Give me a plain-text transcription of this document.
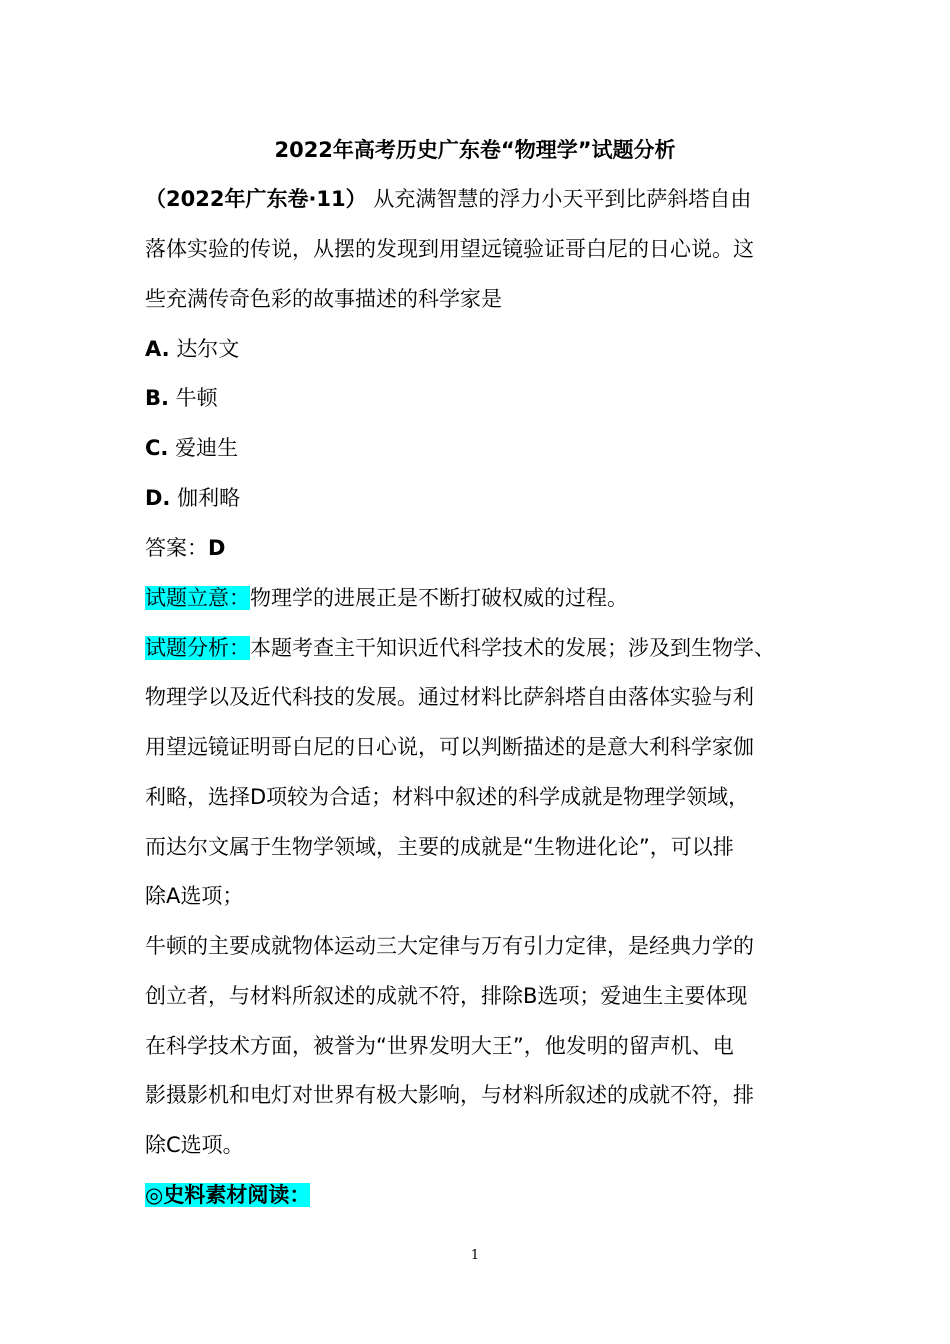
2022年高考历史广东卷“物理学”试题分析
（2022年广东卷·11） 从充满智慧的浮力小天平到比萨斜塔自由
落体实验的传说，从摆的发现到用望远镜验证哥白尼的日心说。这
些充满传奇色彩的故事描述的科学家是
A. 达尔文
B. 牛顿
C. 爱迪生
D. 伽利略
答案：D
试题立意：物理学的进展正是不断打破权威的过程。
试题分析：本题考查主干知识近代科学技术的发展；涉及到生物学、
物理学以及近代科技的发展。通过材料比萨斜塔自由落体实验与利
用望远镜证明哥白尼的日心说，可以判断描述的是意大利科学家伽
利略，选择D项较为合适；材料中叙述的科学成就是物理学领域，
而达尔文属于生物学领域，主要的成就是“生物进化论”，可以排
除A选项；
牛顿的主要成就物体运动三大定律与万有引力定律，是经典力学的
创立者，与材料所叙述的成就不符，排除B选项；爱迪生主要体现
在科学技术方面，被誉为“世界发明大王”，他发明的留声机、电
影摄影机和电灯对世界有极大影响，与材料所叙述的成就不符，排
除C选项。
◎史料素材阅读：
1
